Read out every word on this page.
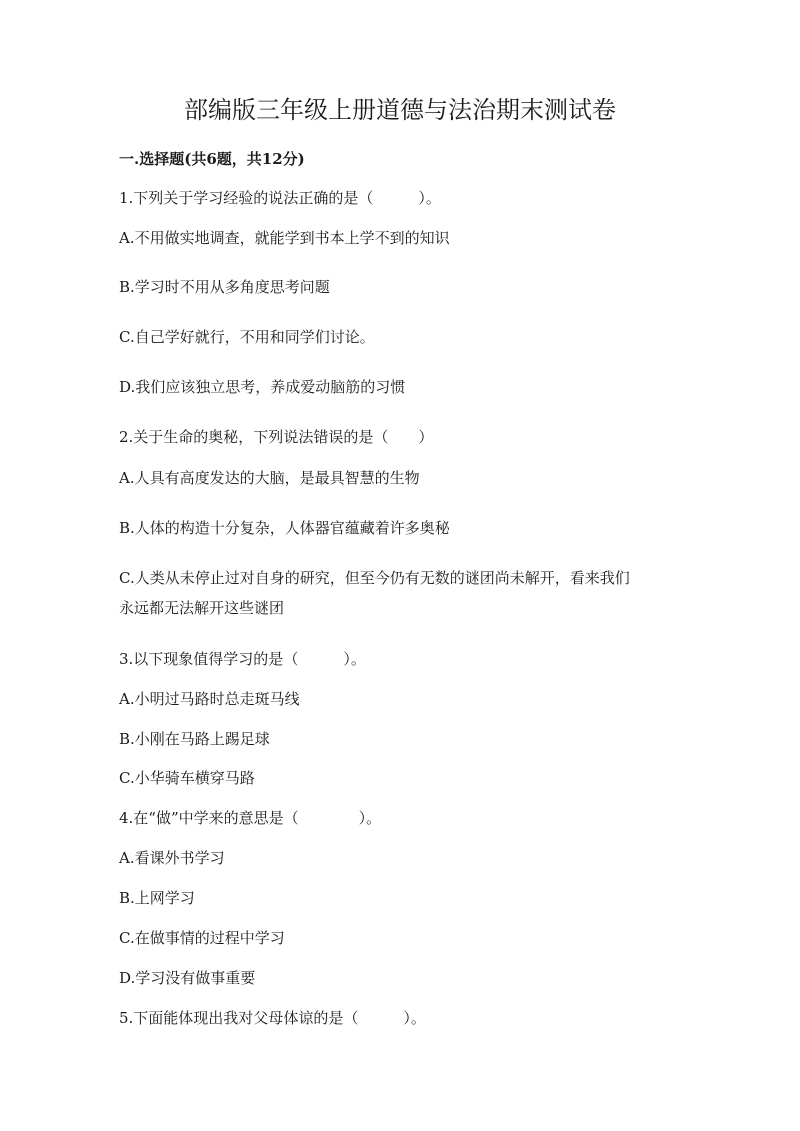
部编版三年级上册道德与法治期末测试卷
一.选择题(共6题，共12分)
1.下列关于学习经验的说法正确的是（　　　）。
A.不用做实地调查，就能学到书本上学不到的知识
B.学习时不用从多角度思考问题
C.自己学好就行，不用和同学们讨论。
D.我们应该独立思考，养成爱动脑筋的习惯
2.关于生命的奥秘，下列说法错误的是（　　）
A.人具有高度发达的大脑，是最具智慧的生物
B.人体的构造十分复杂，人体器官蕴藏着许多奥秘
C.人类从未停止过对自身的研究，但至今仍有无数的谜团尚未解开，看来我们
永远都无法解开这些谜团
3.以下现象值得学习的是（　　　）。
A.小明过马路时总走斑马线
B.小刚在马路上踢足球
C.小华骑车横穿马路
4.在“做”中学来的意思是（　　　　）。
A.看课外书学习
B.上网学习
C.在做事情的过程中学习
D.学习没有做事重要
5.下面能体现出我对父母体谅的是（　　　）。
